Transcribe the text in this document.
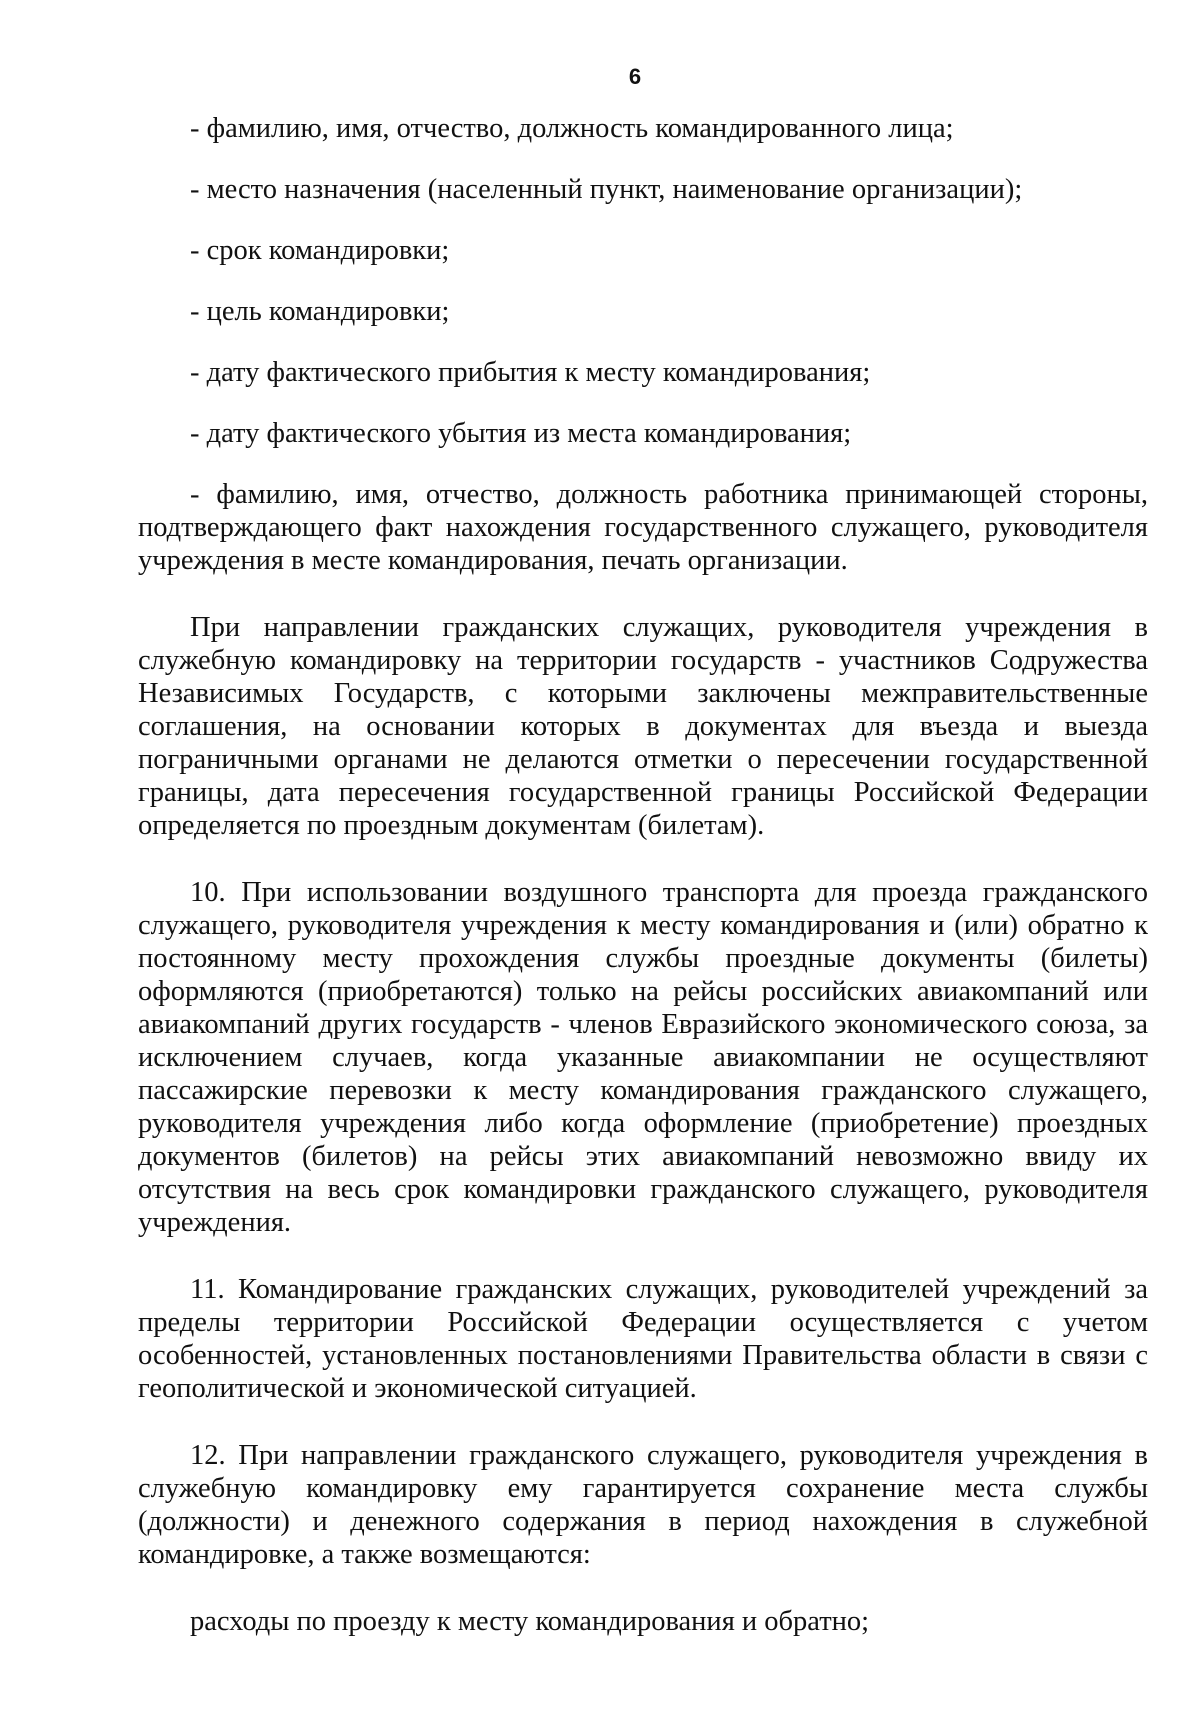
6

- фамилию, имя, отчество, должность командированного лица;

- место назначения (населенный пункт, наименование организации);

- срок командировки;

- цель командировки;

- дату фактического прибытия к месту командирования;

- дату фактического убытия из места командирования;

- фамилию, имя, отчество, должность работника принимающей стороны, подтверждающего факт нахождения государственного служащего, руководителя учреждения в месте командирования, печать организации.

При направлении гражданских служащих, руководителя учреждения в служебную командировку на территории государств - участников Содружества Независимых Государств, с которыми заключены межправительственные соглашения, на основании которых в документах для въезда и выезда пограничными органами не делаются отметки о пересечении государственной границы, дата пересечения государственной границы Российской Федерации определяется по проездным документам (билетам).

10. При использовании воздушного транспорта для проезда гражданского служащего, руководителя учреждения к месту командирования и (или) обратно к постоянному месту прохождения службы проездные документы (билеты) оформляются (приобретаются) только на рейсы российских авиакомпаний или авиакомпаний других государств - членов Евразийского экономического союза, за исключением случаев, когда указанные авиакомпании не осуществляют пассажирские перевозки к месту командирования гражданского служащего, руководителя учреждения либо когда оформление (приобретение) проездных документов (билетов) на рейсы этих авиакомпаний невозможно ввиду их отсутствия на весь срок командировки гражданского служащего, руководителя учреждения.

11. Командирование гражданских служащих, руководителей учреждений за пределы территории Российской Федерации осуществляется с учетом особенностей, установленных постановлениями Правительства области в связи с геополитической и экономической ситуацией.

12. При направлении гражданского служащего, руководителя учреждения в служебную командировку ему гарантируется сохранение места службы (должности) и денежного содержания в период нахождения в служебной командировке, а также возмещаются:

расходы по проезду к месту командирования и обратно;
